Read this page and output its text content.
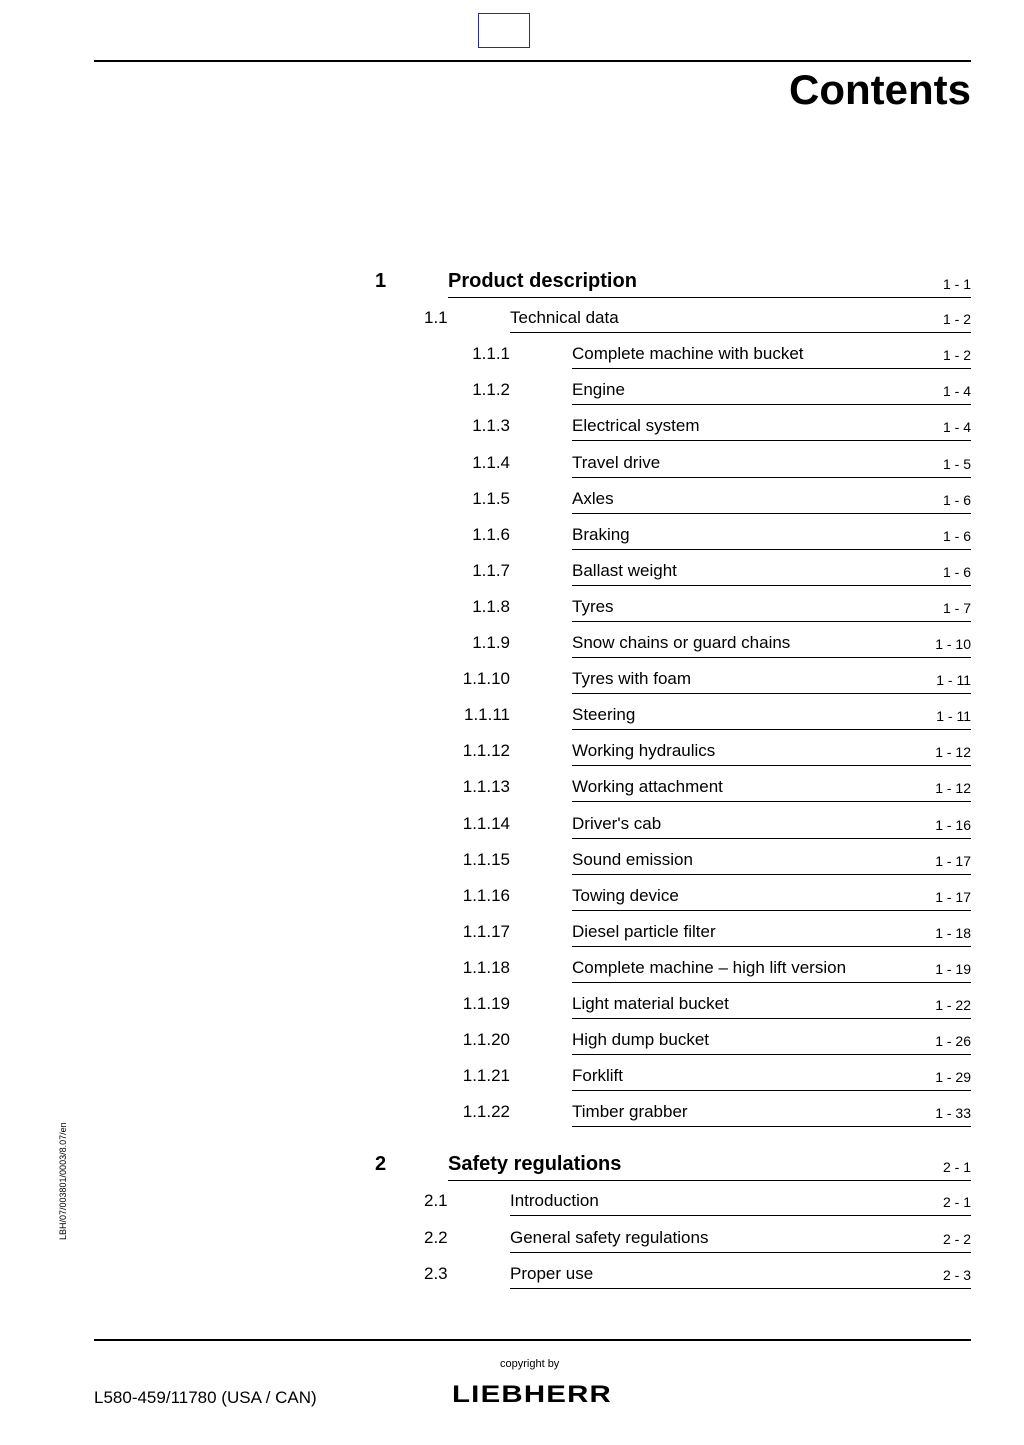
Contents
1	Product description	1 - 1
1.1	Technical data	1 - 2
1.1.1	Complete machine with bucket	1 - 2
1.1.2	Engine	1 - 4
1.1.3	Electrical system	1 - 4
1.1.4	Travel drive	1 - 5
1.1.5	Axles	1 - 6
1.1.6	Braking	1 - 6
1.1.7	Ballast weight	1 - 6
1.1.8	Tyres	1 - 7
1.1.9	Snow chains or guard chains	1 - 10
1.1.10	Tyres with foam	1 - 11
1.1.11	Steering	1 - 11
1.1.12	Working hydraulics	1 - 12
1.1.13	Working attachment	1 - 12
1.1.14	Driver's cab	1 - 16
1.1.15	Sound emission	1 - 17
1.1.16	Towing device	1 - 17
1.1.17	Diesel particle filter	1 - 18
1.1.18	Complete machine – high lift version	1 - 19
1.1.19	Light material bucket	1 - 22
1.1.20	High dump bucket	1 - 26
1.1.21	Forklift	1 - 29
1.1.22	Timber grabber	1 - 33
2	Safety regulations	2 - 1
2.1	Introduction	2 - 1
2.2	General safety regulations	2 - 2
2.3	Proper use	2 - 3
LBH/07/003801/0003/8.07/en
copyright by
LIEBHERR
L580-459/11780 (USA / CAN)
